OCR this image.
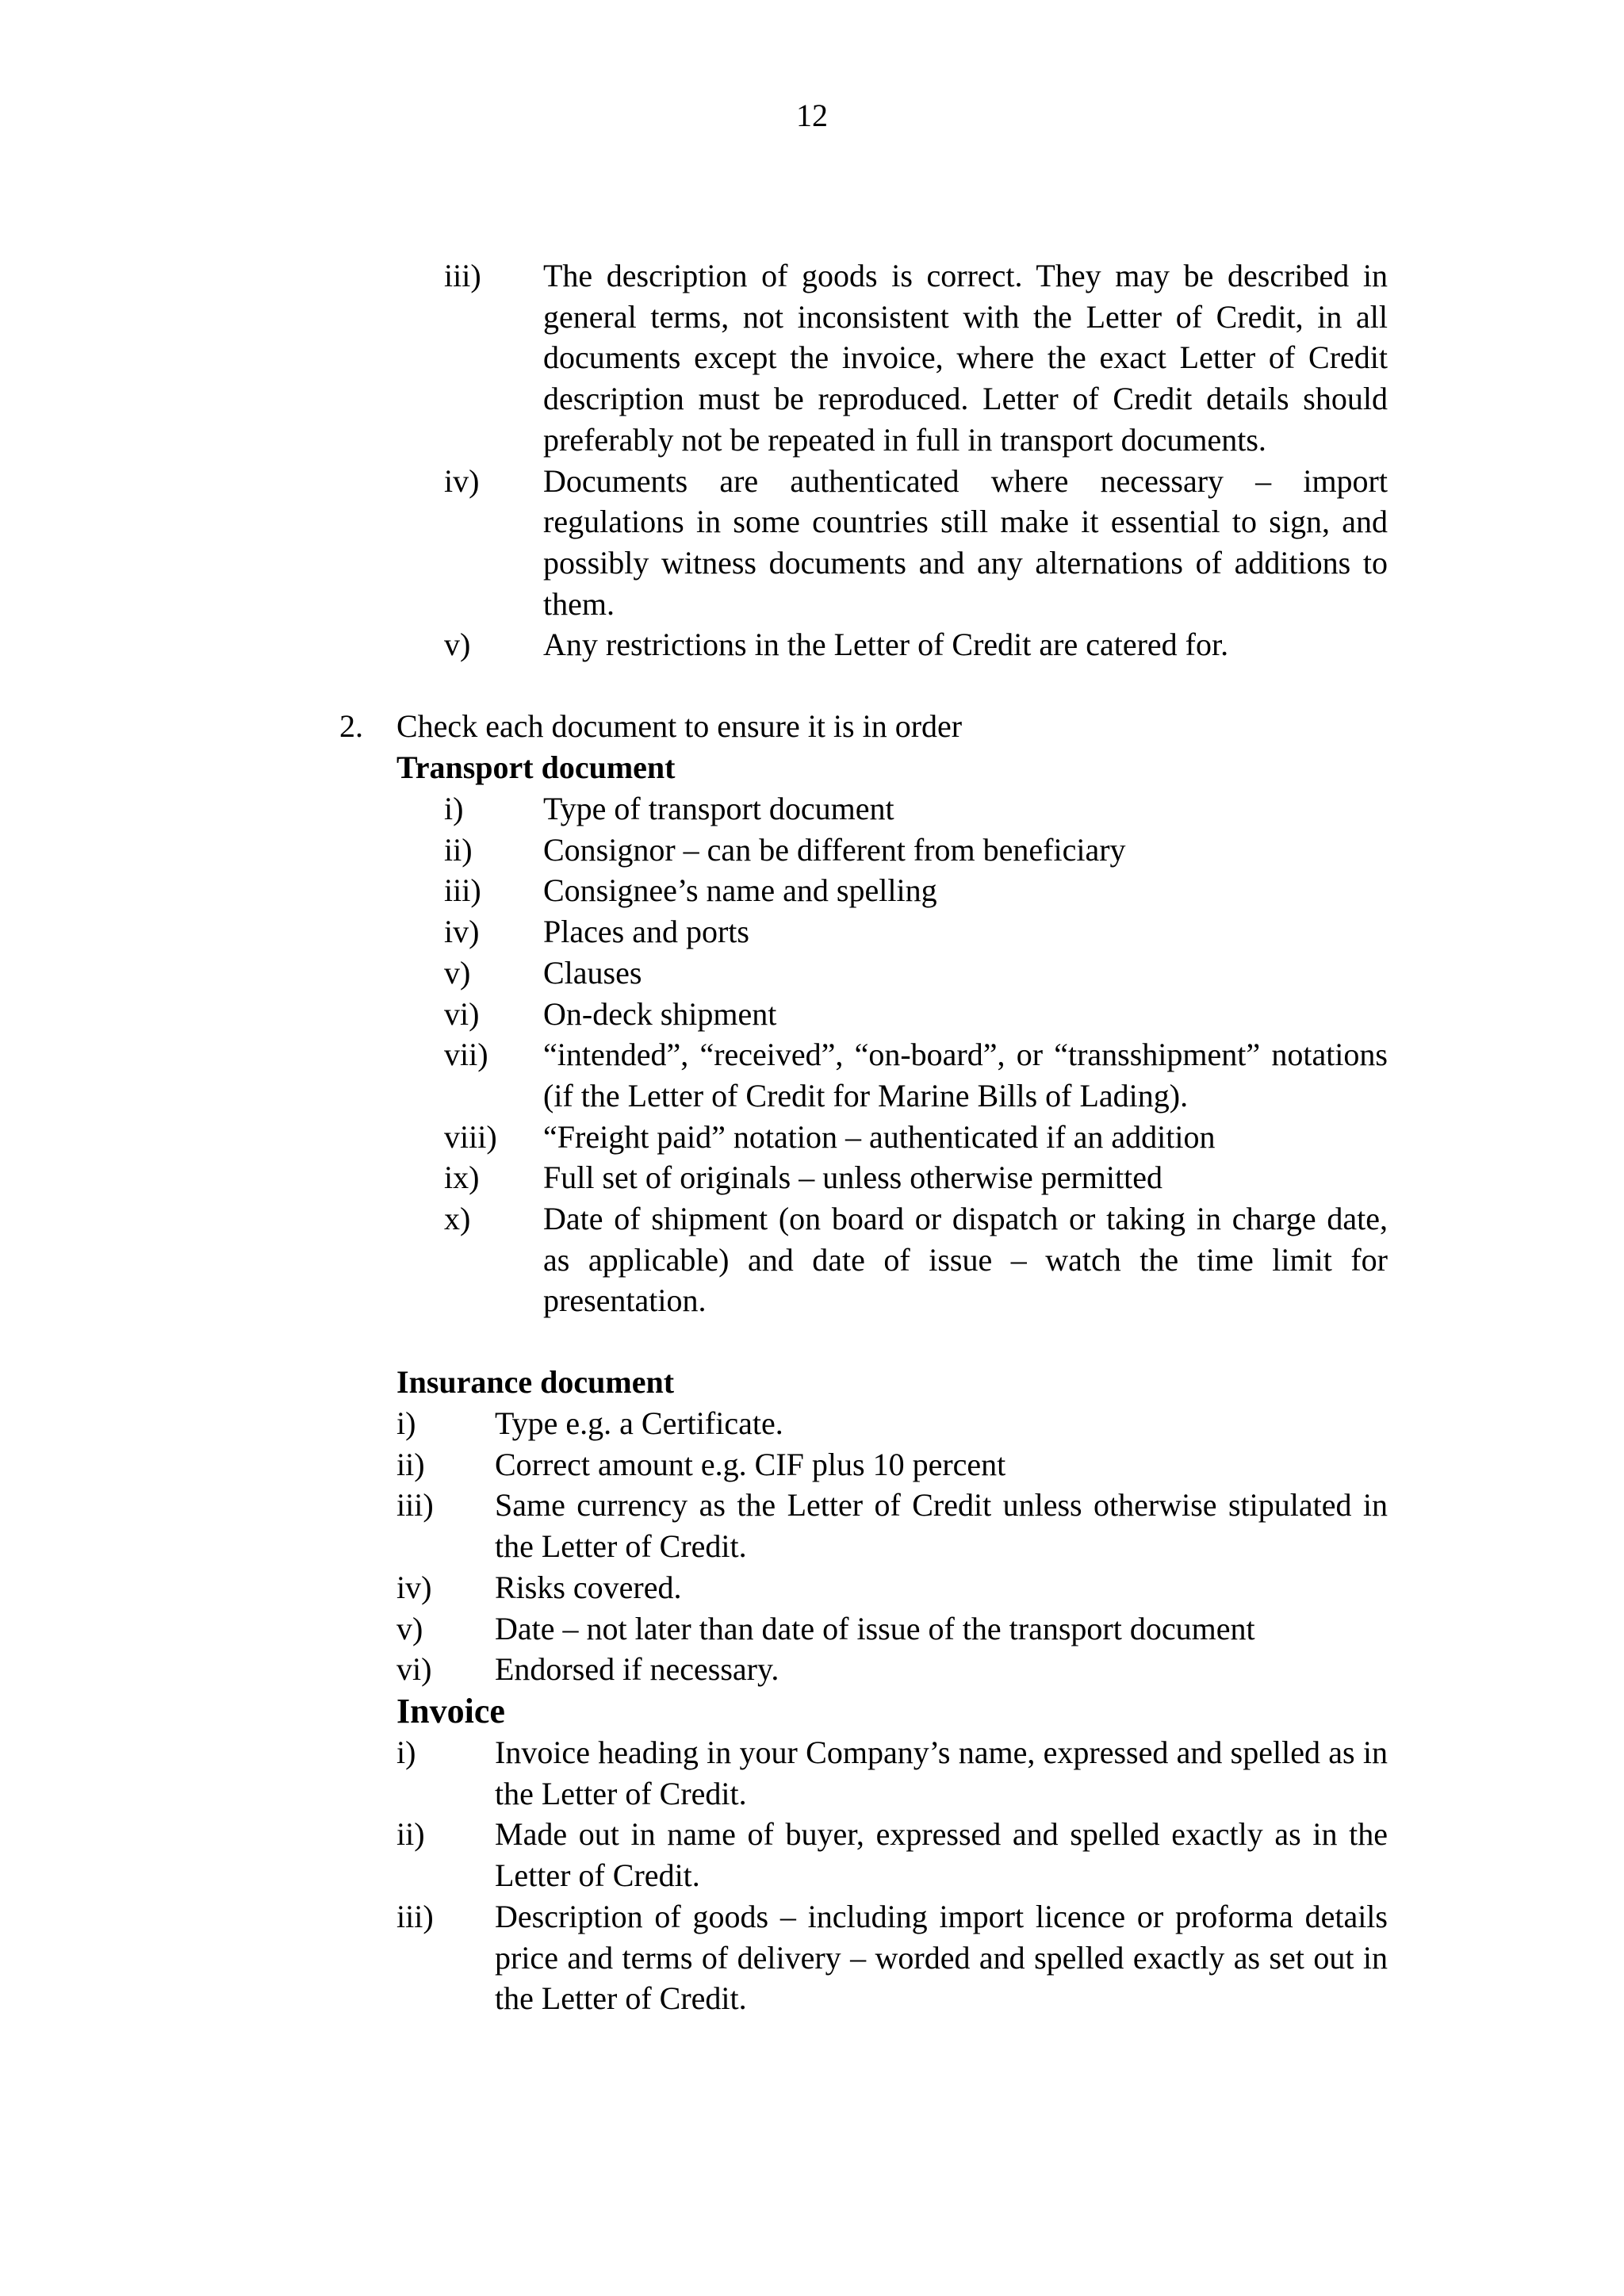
12
iii)	The description of goods is correct. They may be described in general terms, not inconsistent with the Letter of Credit, in all documents except the invoice, where the exact Letter of Credit description must be reproduced. Letter of Credit details should preferably not be repeated in full in transport documents.
iv)	Documents are authenticated where necessary – import regulations in some countries still make it essential to sign, and possibly witness documents and any alternations of additions to them.
v)	Any restrictions in the Letter of Credit are catered for.
2.	Check each document to ensure it is in order
Transport document
i)	Type of transport document
ii)	Consignor – can be different from beneficiary
iii)	Consignee’s name and spelling
iv)	Places and ports
v)	Clauses
vi)	On-deck shipment
vii)	“intended”, “received”, “on-board”, or “transshipment” notations (if the Letter of Credit for Marine Bills of Lading).
viii)	“Freight paid” notation – authenticated if an addition
ix)	Full set of originals – unless otherwise permitted
x)	Date of shipment (on board or dispatch or taking in charge date, as applicable) and date of issue – watch the time limit for presentation.
Insurance document
i)	Type e.g. a Certificate.
ii)	Correct amount e.g. CIF plus 10 percent
iii)	Same currency as the Letter of Credit unless otherwise stipulated in the Letter of Credit.
iv)	Risks covered.
v)	Date – not later than date of issue of the transport document
vi)	Endorsed if necessary.
Invoice
i)	Invoice heading in your Company’s name, expressed and spelled as in the Letter of Credit.
ii)	Made out in name of buyer, expressed and spelled exactly as in the Letter of Credit.
iii)	Description of goods – including import licence or proforma details price and terms of delivery – worded and spelled exactly as set out in the Letter of Credit.
